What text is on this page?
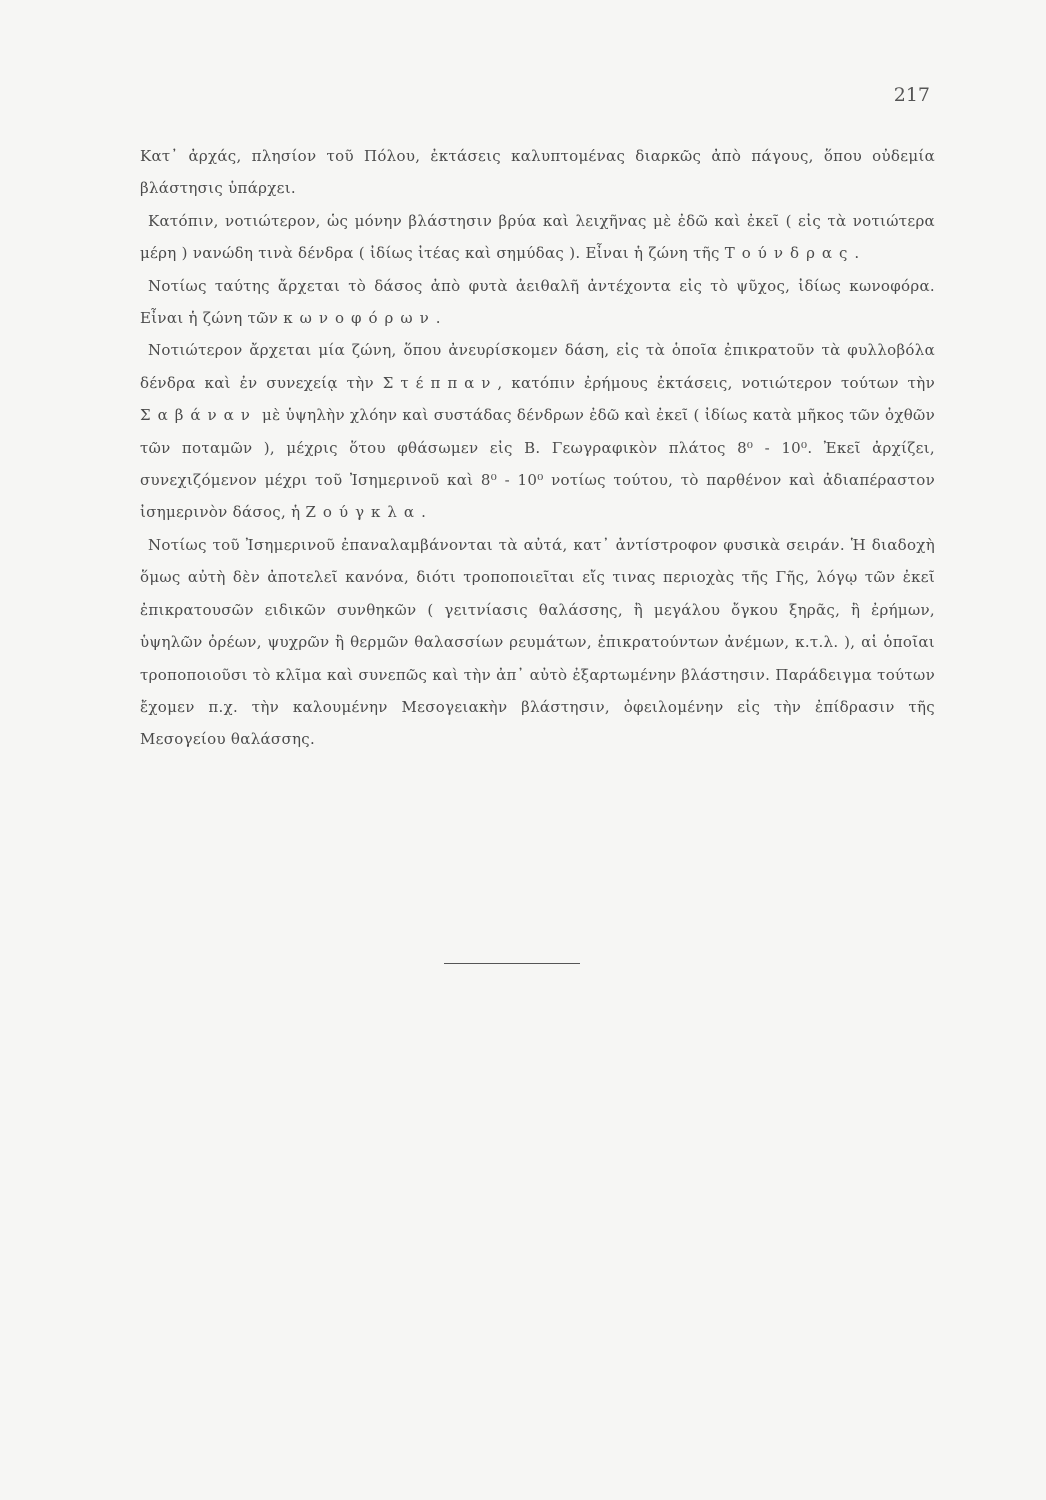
217

Κατ᾽ ἀρχάς, πλησίον τοῦ Πόλου, ἐκτάσεις καλυπτομένας διαρκῶς ἀπὸ πάγους, ὅπου οὐδεμία βλάστησις ὑπάρχει.

Κατόπιν, νοτιώτερον, ὡς μόνην βλάστησιν βρύα καὶ λειχῆνας μὲ ἐδῶ καὶ ἐκεῖ ( εἰς τὰ νοτιώτερα μέρη ) νανώδη τινὰ δένδρα ( ἰδίως ἰτέας καὶ σημύδας ). Εἶναι ἡ ζώνη τῆς Τούνδρας.

Νοτίως ταύτης ἄρχεται τὸ δάσος ἀπὸ φυτὰ ἀειθαλῆ ἀντέχοντα εἰς τὸ ψῦχος, ἰδίως κωνοφόρα. Εἶναι ἡ ζώνη τῶν κωνοφόρων.

Νοτιώτερον ἄρχεται μία ζώνη, ὅπου ἀνευρίσκομεν δάση, εἰς τὰ ὁποῖα ἐπικρατοῦν τὰ φυλλοβόλα δένδρα καὶ ἐν συνεχείᾳ τὴν Στέππαν, κατόπιν ἐρήμους ἐκτάσεις, νοτιώτερον τούτων τὴν Σαβάναν μὲ ὑψηλὴν χλόην καὶ συστάδας δένδρων ἐδῶ καὶ ἐκεῖ ( ἰδίως κατὰ μῆκος τῶν ὀχθῶν τῶν ποταμῶν ), μέχρις ὅτου φθάσωμεν εἰς Β. Γεωγραφικὸν πλάτος 8⁰ - 10⁰. Ἐκεῖ ἀρχίζει, συνεχιζόμενον μέχρι τοῦ Ἰσημερινοῦ καὶ 8⁰ - 10⁰ νοτίως τούτου, τὸ παρθένον καὶ ἀδιαπέραστον ἰσημερινὸν δάσος, ἡ Ζούγκλα.

Νοτίως τοῦ Ἰσημερινοῦ ἐπαναλαμβάνονται τὰ αὐτά, κατ᾽ ἀντίστροφον φυσικὰ σειράν. Ἡ διαδοχὴ ὅμως αὐτὴ δὲν ἀποτελεῖ κανόνα, διότι τροποποιεῖται εἴς τινας περιοχὰς τῆς Γῆς, λόγῳ τῶν ἐκεῖ ἐπικρατουσῶν ειδικῶν συνθηκῶν ( γειτνίασις θαλάσσης, ἢ μεγάλου ὄγκου ξηρᾶς, ἢ ἐρήμων, ὑψηλῶν ὀρέων, ψυχρῶν ἢ θερμῶν θαλασσίων ρευμάτων, ἐπικρατούντων ἀνέμων, κ.τ.λ. ), αἱ ὁποῖαι τροποποιοῦσι τὸ κλῖμα καὶ συνεπῶς καὶ τὴν ἀπ᾽ αὐτὸ ἐξαρτωμένην βλάστησιν. Παράδειγμα τούτων ἔχομεν π.χ. τὴν καλουμένην Μεσογειακὴν βλάστησιν, ὀφειλομένην εἰς τὴν ἐπίδρασιν τῆς Μεσογείου θαλάσσης.
